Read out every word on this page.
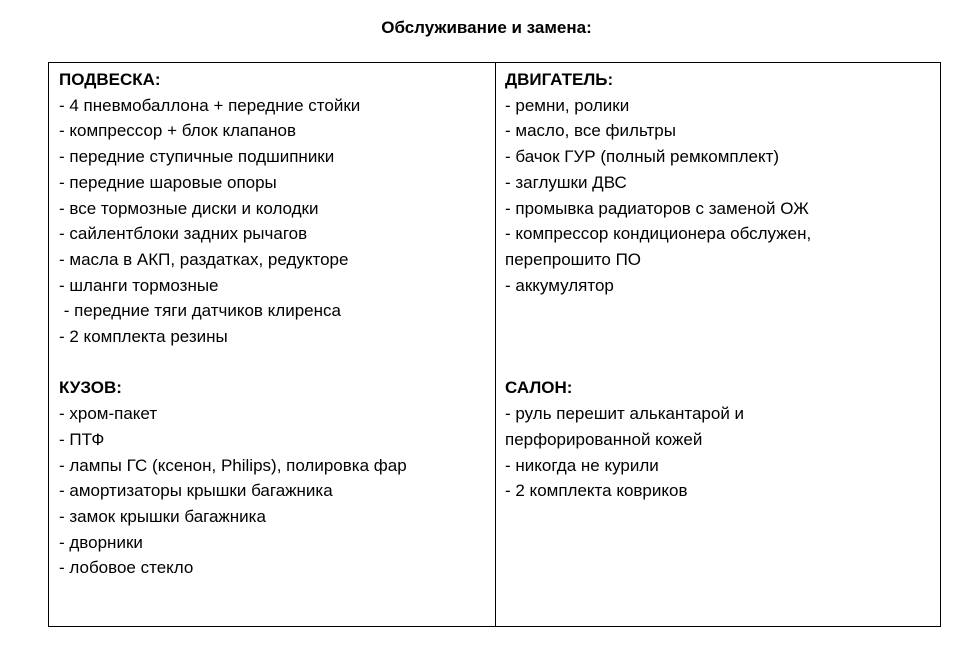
Обслуживание и замена:

ПОДВЕСКА:

- 4 пневмобаллона + передние стойки

- компрессор + блок клапанов

- передние ступичные подшипники

- передние шаровые опоры

- все тормозные диски и колодки

- сайлентблоки задних рычагов

- масла в АКП, раздатках, редукторе

- шланги тормозные

- передние тяги датчиков клиренса

- 2 комплекта резины

КУЗОВ:

- хром-пакет

- ПТФ

- лампы ГС (ксенон, Philips), полировка фар

- амортизаторы крышки багажника

- замок крышки багажника

- дворники

- лобовое стекло

ДВИГАТЕЛЬ:

- ремни, ролики

- масло, все фильтры

- бачок ГУР (полный ремкомплект)

- заглушки ДВС

- промывка радиаторов с заменой ОЖ

- компрессор кондиционера обслужен,

перепрошито ПО

- аккумулятор

САЛОН:

- руль перешит алькантарой и

перфорированной кожей

- никогда не курили

- 2 комплекта ковриков
